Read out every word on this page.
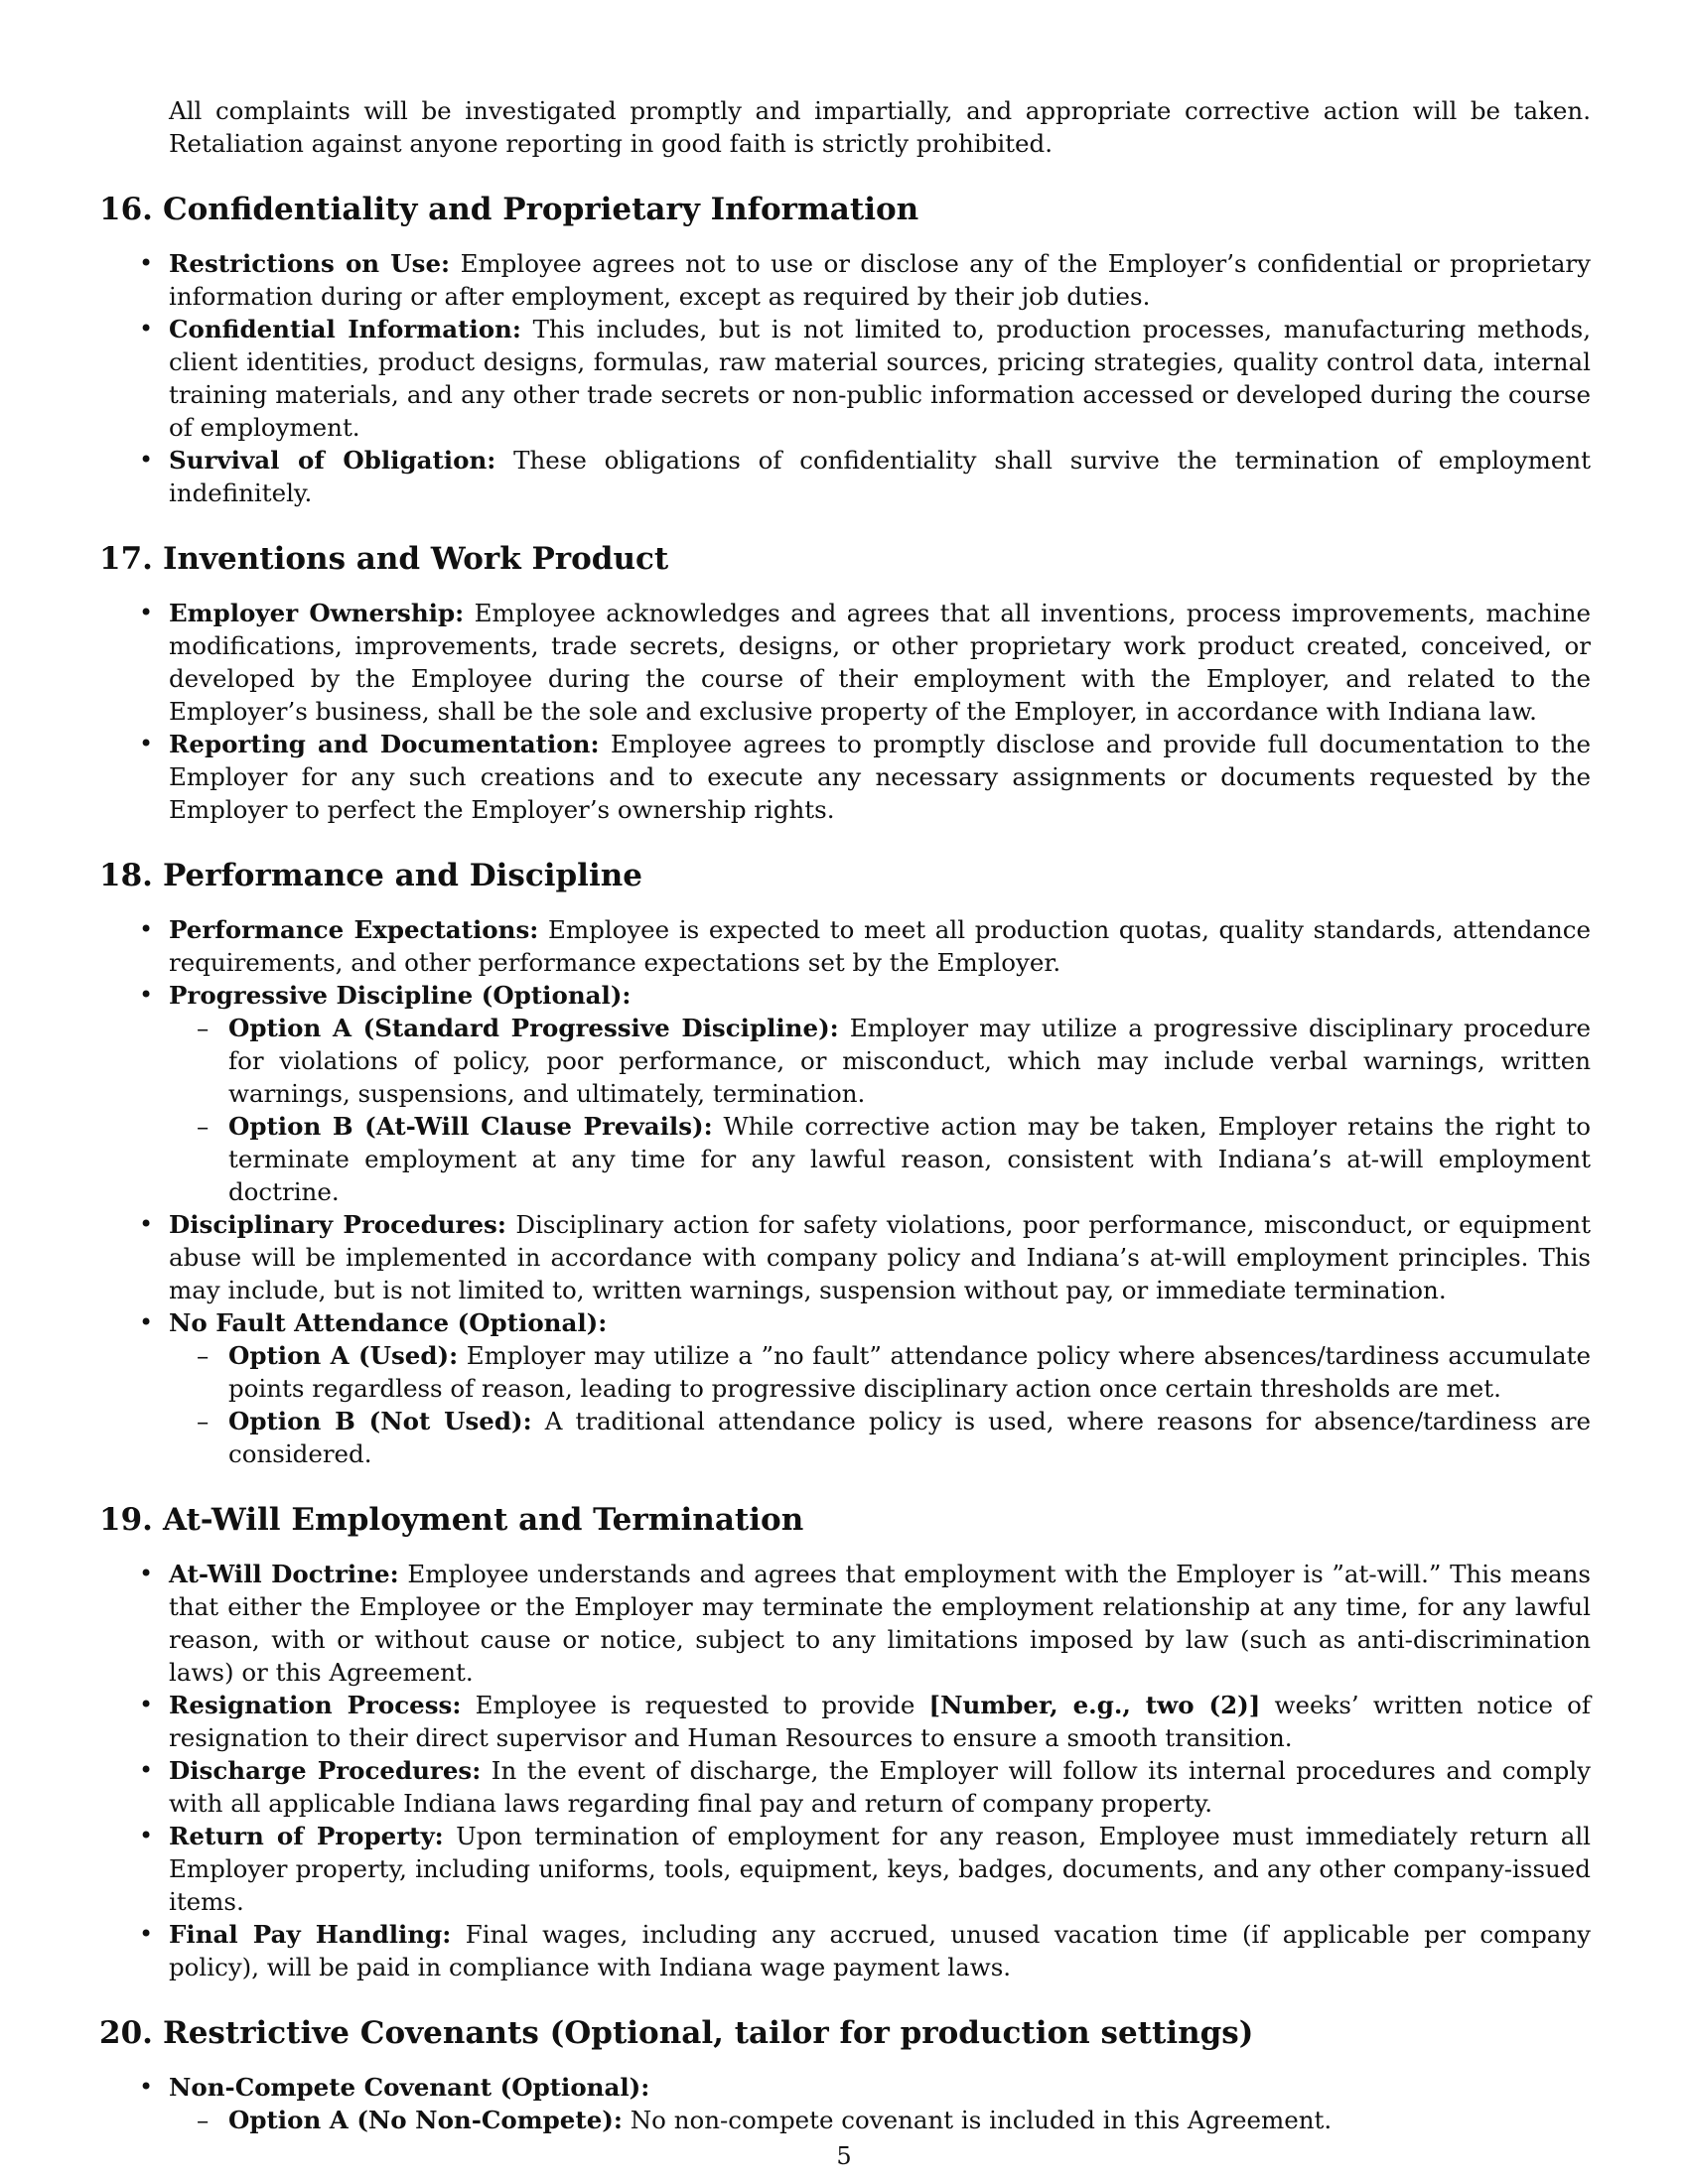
All complaints will be investigated promptly and impartially, and appropriate corrective action will be taken. Retaliation against anyone reporting in good faith is strictly prohibited.

16. Confidentiality and Proprietary Information
• Restrictions on Use: Employee agrees not to use or disclose any of the Employer’s confidential or proprietary information during or after employment, except as required by their job duties.
• Confidential Information: This includes, but is not limited to, production processes, manufacturing methods, client identities, product designs, formulas, raw material sources, pricing strategies, quality control data, internal training materials, and any other trade secrets or non-public information accessed or developed during the course of employment.
• Survival of Obligation: These obligations of confidentiality shall survive the termination of employment indefinitely.
17. Inventions and Work Product
• Employer Ownership: Employee acknowledges and agrees that all inventions, process improvements, machine modifications, improvements, trade secrets, designs, or other proprietary work product created, conceived, or developed by the Employee during the course of their employment with the Employer, and related to the Employer’s business, shall be the sole and exclusive property of the Employer, in accordance with Indiana law.
• Reporting and Documentation: Employee agrees to promptly disclose and provide full documentation to the Employer for any such creations and to execute any necessary assignments or documents requested by the Employer to perfect the Employer’s ownership rights.
18. Performance and Discipline
• Performance Expectations: Employee is expected to meet all production quotas, quality standards, attendance requirements, and other performance expectations set by the Employer.
• Progressive Discipline (Optional):
– Option A (Standard Progressive Discipline): Employer may utilize a progressive disciplinary procedure for violations of policy, poor performance, or misconduct, which may include verbal warnings, written warnings, suspensions, and ultimately, termination.
– Option B (At-Will Clause Prevails): While corrective action may be taken, Employer retains the right to terminate employment at any time for any lawful reason, consistent with Indiana’s at-will employment doctrine.
• Disciplinary Procedures: Disciplinary action for safety violations, poor performance, misconduct, or equipment abuse will be implemented in accordance with company policy and Indiana’s at-will employment principles. This may include, but is not limited to, written warnings, suspension without pay, or immediate termination.
• No Fault Attendance (Optional):
– Option A (Used): Employer may utilize a ”no fault” attendance policy where absences/tardiness accumulate points regardless of reason, leading to progressive disciplinary action once certain thresholds are met.
– Option B (Not Used): A traditional attendance policy is used, where reasons for absence/tardiness are considered.
19. At-Will Employment and Termination
• At-Will Doctrine: Employee understands and agrees that employment with the Employer is ”at-will.” This means that either the Employee or the Employer may terminate the employment relationship at any time, for any lawful reason, with or without cause or notice, subject to any limitations imposed by law (such as anti-discrimination laws) or this Agreement.
• Resignation Process: Employee is requested to provide [Number, e.g., two (2)] weeks’ written notice of resignation to their direct supervisor and Human Resources to ensure a smooth transition.
• Discharge Procedures: In the event of discharge, the Employer will follow its internal procedures and comply with all applicable Indiana laws regarding final pay and return of company property.
• Return of Property: Upon termination of employment for any reason, Employee must immediately return all Employer property, including uniforms, tools, equipment, keys, badges, documents, and any other company-issued items.
• Final Pay Handling: Final wages, including any accrued, unused vacation time (if applicable per company policy), will be paid in compliance with Indiana wage payment laws.
20. Restrictive Covenants (Optional, tailor for production settings)
• Non-Compete Covenant (Optional):
– Option A (No Non-Compete): No non-compete covenant is included in this Agreement.
5
